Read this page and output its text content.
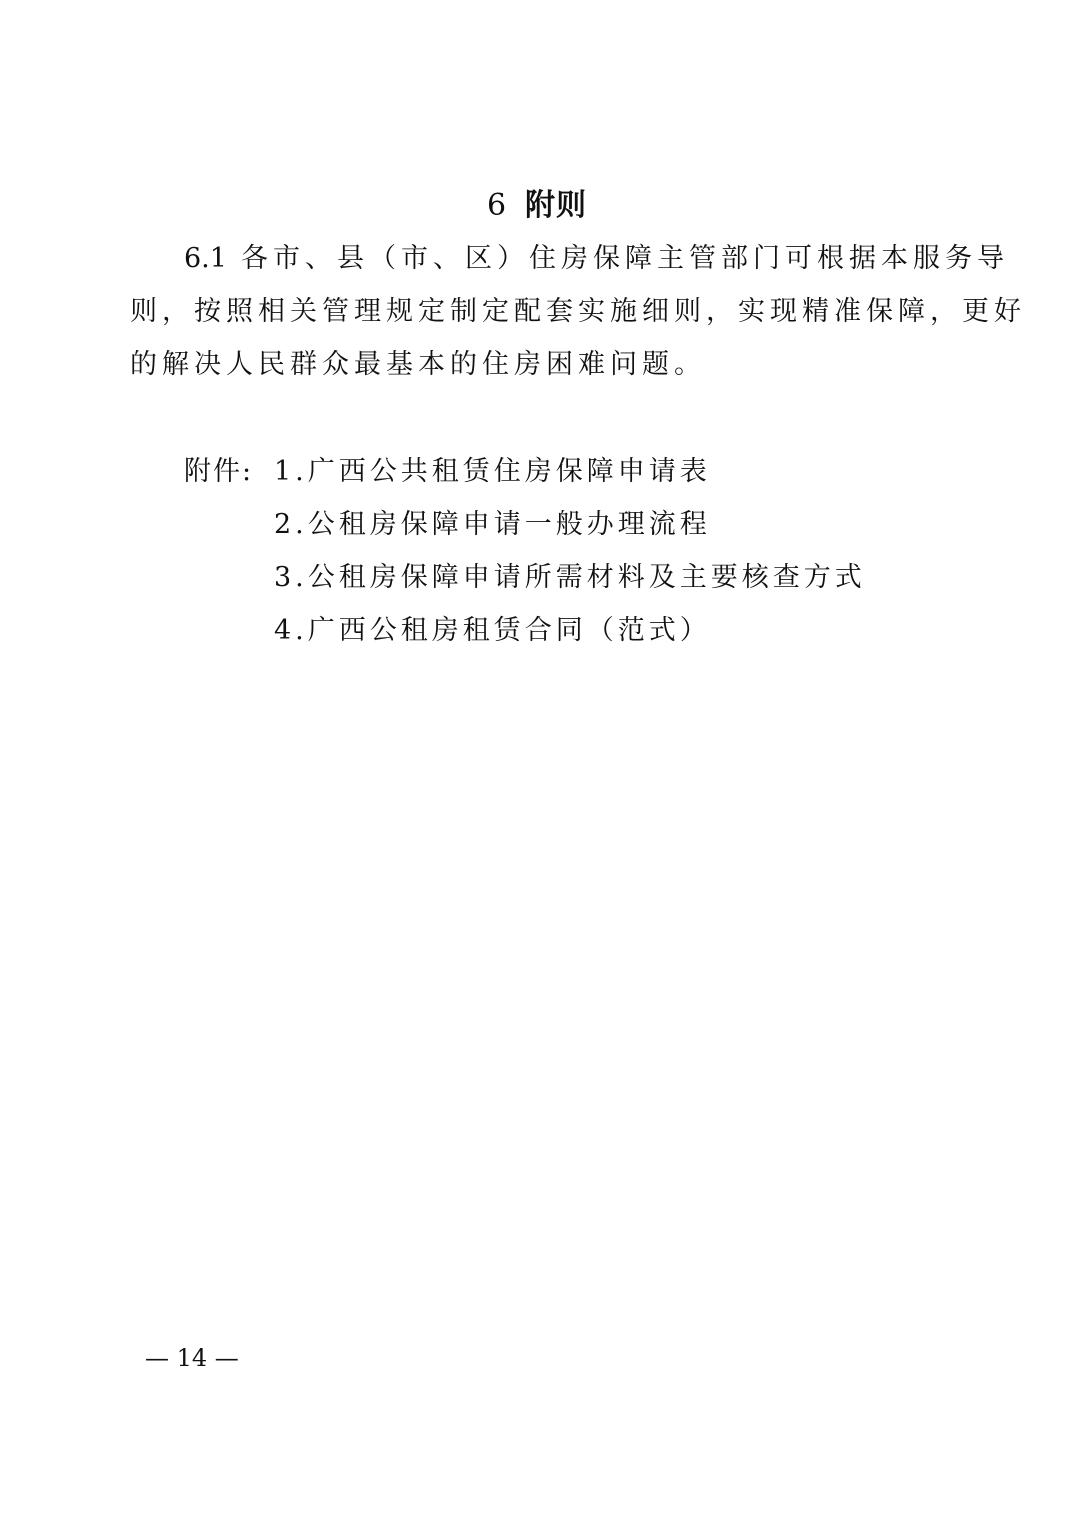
6 附则
6.1 各市、县（市、区）住房保障主管部门可根据本服务导
则，按照相关管理规定制定配套实施细则，实现精准保障，更好
的解决人民群众最基本的住房困难问题。
附件: 1.广西公共租赁住房保障申请表
2.公租房保障申请一般办理流程
3.公租房保障申请所需材料及主要核查方式
4.广西公租房租赁合同（范式）
— 14 —
